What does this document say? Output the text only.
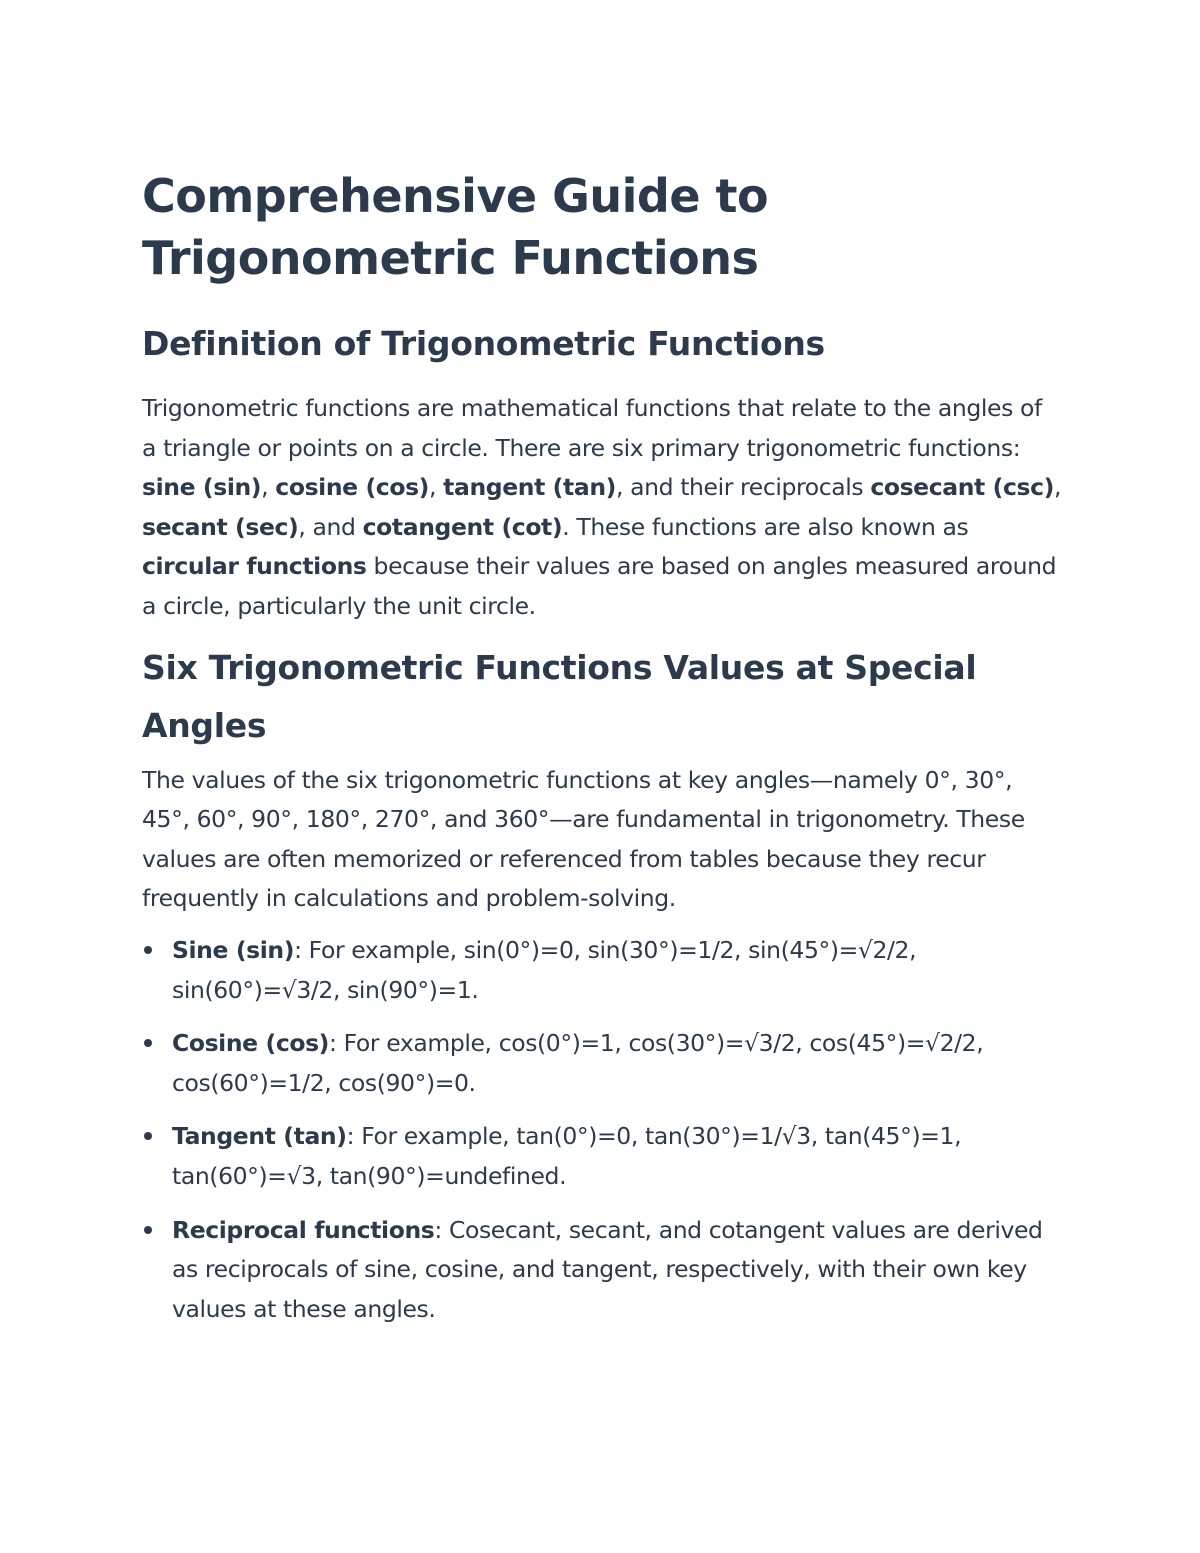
Comprehensive Guide to Trigonometric Functions
Definition of Trigonometric Functions

Trigonometric functions are mathematical functions that relate to the angles of a triangle or points on a circle. There are six primary trigonometric functions: sine (sin), cosine (cos), tangent (tan), and their reciprocals cosecant (csc), secant (sec), and cotangent (cot). These functions are also known as circular functions because their values are based on angles measured around a circle, particularly the unit circle.

Six Trigonometric Functions Values at Special Angles

The values of the six trigonometric functions at key angles—namely 0°, 30°, 45°, 60°, 90°, 180°, 270°, and 360°—are fundamental in trigonometry. These values are often memorized or referenced from tables because they recur frequently in calculations and problem-solving.

Sine (sin): For example, sin(0°)=0, sin(30°)=1/2, sin(45°)=√2/2, sin(60°)=√3/2, sin(90°)=1.
Cosine (cos): For example, cos(0°)=1, cos(30°)=√3/2, cos(45°)=√2/2, cos(60°)=1/2, cos(90°)=0.
Tangent (tan): For example, tan(0°)=0, tan(30°)=1/√3, tan(45°)=1, tan(60°)=√3, tan(90°)=undefined.
Reciprocal functions: Cosecant, secant, and cotangent values are derived as reciprocals of sine, cosine, and tangent, respectively, with their own key values at these angles.
